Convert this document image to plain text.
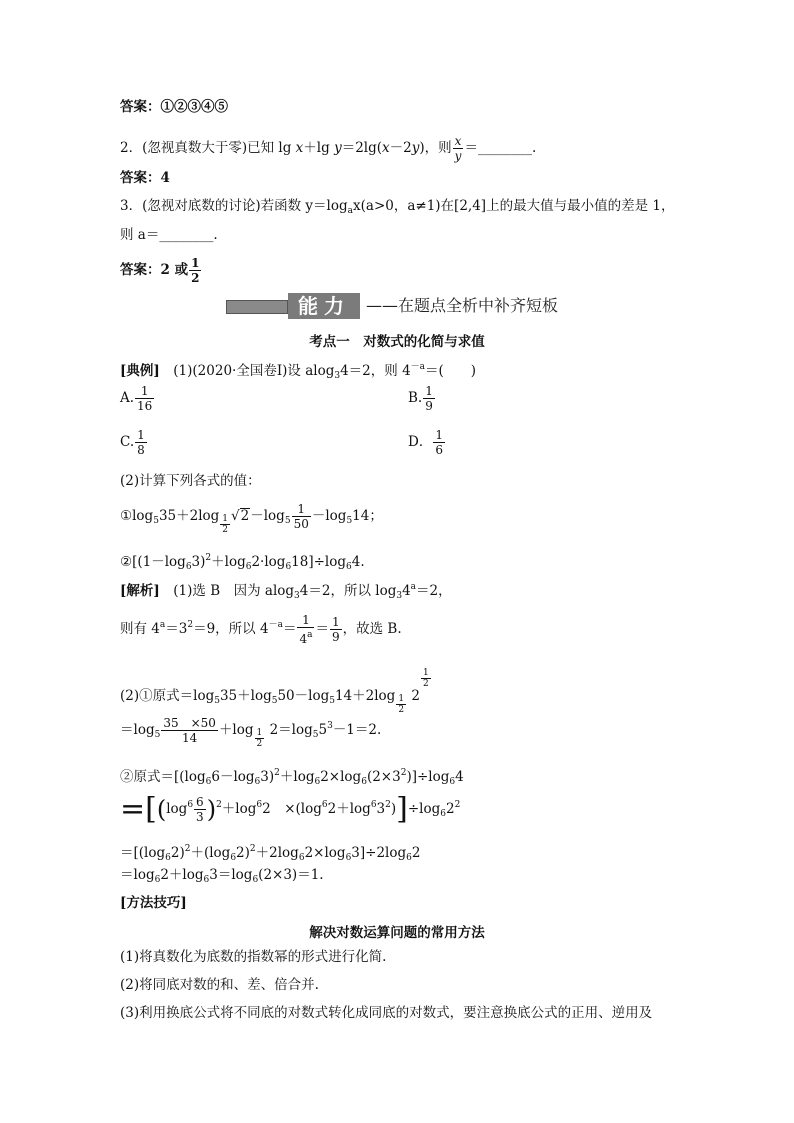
答案：①②③④⑤
2．(忽视真数大于零)已知 lg x＋lg y＝2lg(x－2y)，则 $\frac{x}{y}$ ＝________.
答案：4
3．(忽视对底数的讨论)若函数 $y=\log_ax(a>0$，a≠1)在[2,4]上的最大值与最小值的差是 1，
则 a＝________.
答案：2 或 $\frac{1}{2}$
能力	——在题点全析中补齐短板
考点一　对数式的化简与求值
[典例]  (1)(2020·全国卷Ⅰ)设 alog$_3$4＝2，则 $4^{-a}=$(　　)
A. $\frac{1}{16}$	B. $\frac{1}{9}$
C. $\frac{1}{8}$	D． $\frac{1}{6}$
(2)计算下列各式的值：
$①\log_535+2\log \frac{1}{2} √2-\log_5 \frac{1}{50} -\log_514$；
$②[(1-\log_63)^2+\log_62\cdot\log_618]\div\log_64$.
[解析]  (1)选 B　因为 alog$_3$4＝2，所以 $\log_34^a=2$，
则有 $4^a=3^2=9$，所以 $4^{-a}= \frac{1}{4^a} = \frac{1}{9}$ ，故选 B.
(2)①原式$=\log_535+\log_550-\log_514+2\log \frac{1}{2} 2$
$\frac{1}{2}$
$=\log_5 \frac{35 \times 50}{14} +\log \frac{1}{2} 2=\log_55^3-1=2$.
②原式$=[(\log_66-\log_63)^2+\log_62\times\log_6(2\times 3^2)]\div\log_64$
$=[(\log^6 \frac{6}{3} )^2+\log^62$　$\times(\log^62+\log^63^2)]\div\log_62^2$
$=[(\log_62)^2+(\log_62)^2+2\log_62\times\log_63]\div 2\log_62$
$=\log_62+\log_63=\log_6(2\times 3)=1$.
[方法技巧]
解决对数运算问题的常用方法
(1)将真数化为底数的指数幂的形式进行化简.
(2)将同底对数的和、差、倍合并.
(3)利用换底公式将不同底的对数式转化成同底的对数式，要注意换底公式的正用、逆用及
